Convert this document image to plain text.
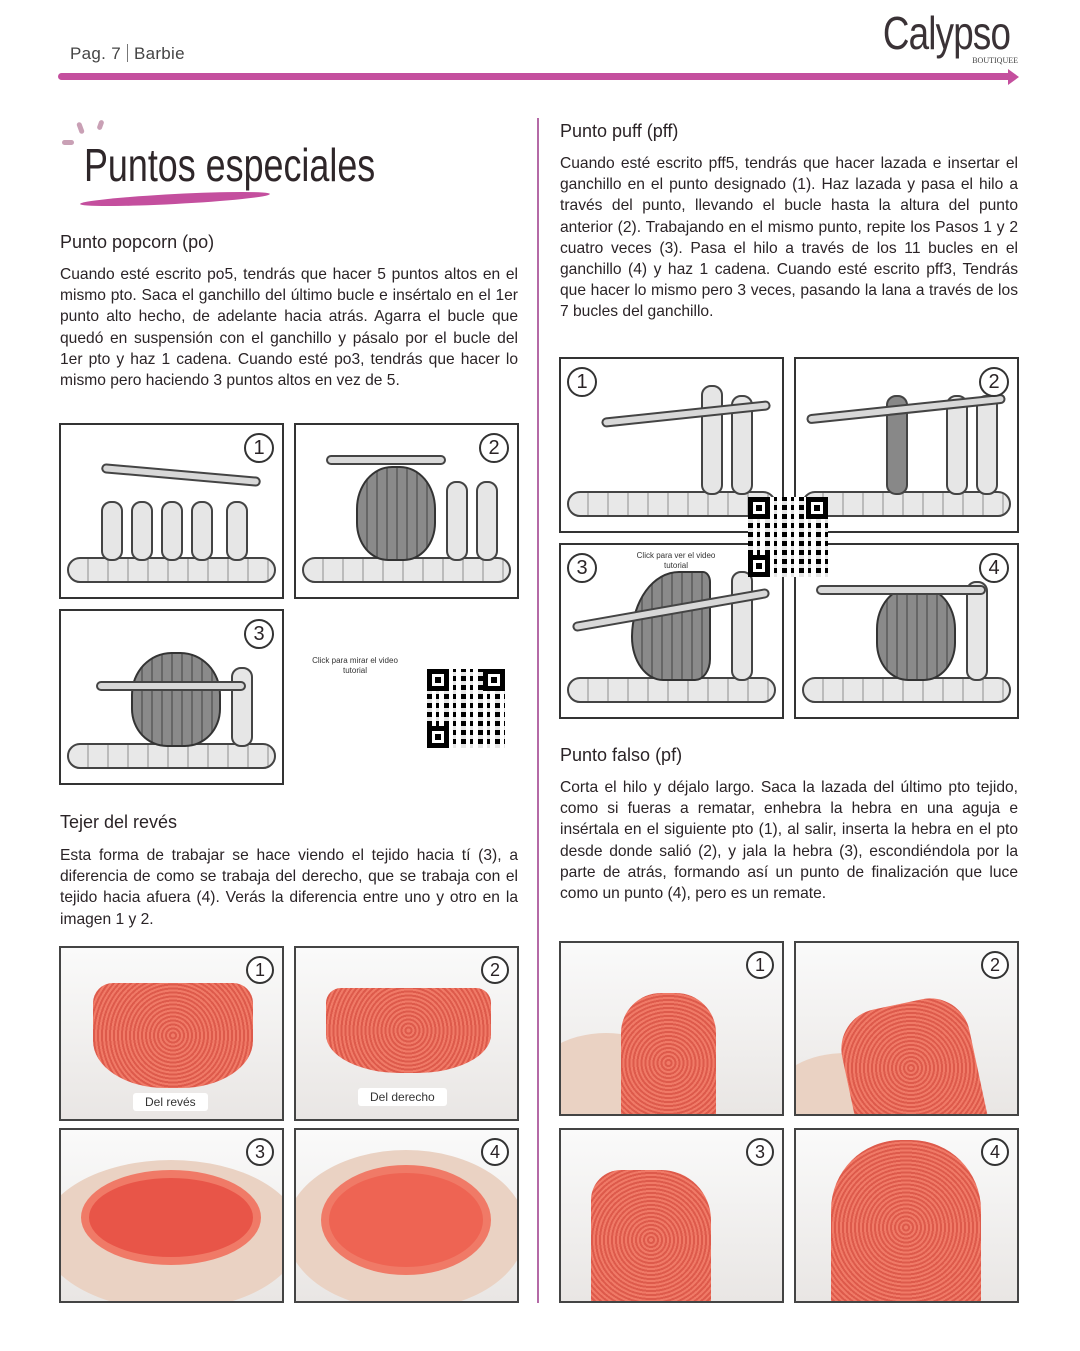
Pag. 7 Barbie	Calypso
BOUTIQUEE
Puntos especiales
Punto popcorn (po)

Cuando esté escrito po5, tendrás que hacer 5 puntos altos en el mismo pto. Saca el ganchillo del último bucle e insértalo en el 1er punto alto hecho, de adelante hacia atrás. Agarra el bucle que quedó en suspensión con el ganchillo y pásalo por el bucle del 1er pto y haz 1 cadena. Cuando esté po3, tendrás que hacer lo mismo pero haciendo 3 puntos altos en vez de 5.

1	2
3
Click para mirar el video tutorial
Tejer del revés

Esta forma de trabajar se hace viendo el tejido hacia tí (3), a diferencia de como se trabaja del derecho, que se trabaja con el tejido hacia afuera (4). Verás la diferencia entre uno y otro en la imagen 1 y 2.

1
Del revés
2
Del derecho
3	4
Punto puff (pff)

Cuando esté escrito pff5, tendrás que hacer lazada e insertar el ganchillo en el punto designado (1). Haz lazada y pasa el hilo a través del punto, llevando el bucle hasta la altura del punto anterior (2). Trabajando en el mismo punto, repite los Pasos 1 y 2 cuatro veces (3). Pasa el hilo a través de los 11 bucles en el ganchillo (4) y haz 1 cadena. Cuando esté escrito pff3, Tendrás que hacer lo mismo pero 3 veces, pasando la lana a través de los 7 bucles del ganchillo.

1	2
3
Click para ver el video tutorial	4
Punto falso (pf)

Corta el hilo y déjalo largo. Saca la lazada del último pto tejido, como si fueras a rematar, enhebra la hebra en una aguja e insértala en el siguiente pto (1), al salir, inserta la hebra en el pto desde donde salió (2), y jala la hebra (3), escondiéndola por la parte de atrás, formando así un punto de finalización que luce como un punto (4), pero es un remate.

1	2
3	4
